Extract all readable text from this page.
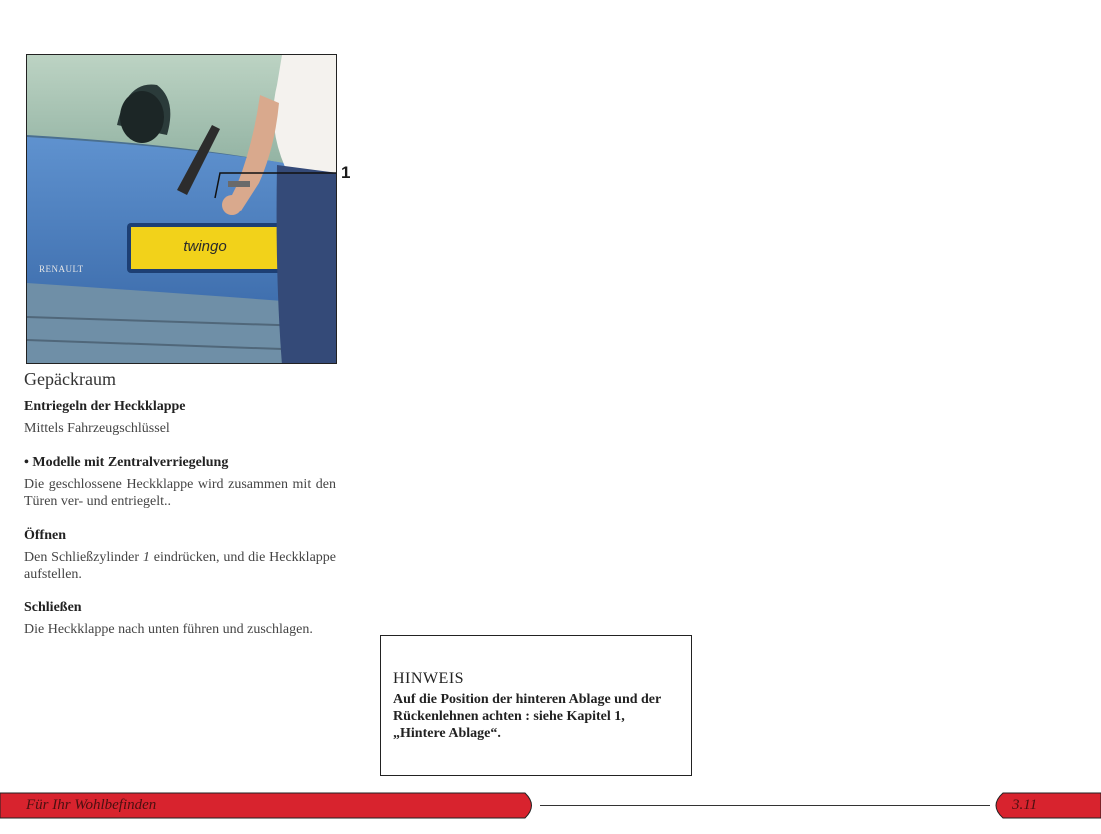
twingo
RENAULT
1
Gepäckraum
Entriegeln der Heckklappe
Mittels Fahrzeugschlüssel
• Modelle mit Zentralverriegelung
Die geschlossene Heckklappe wird zusammen mit den Türen ver- und entriegelt..
Öffnen
Den Schließzylinder 1 eindrücken, und die Heckklappe aufstellen.
Schließen
Die Heckklappe nach unten führen und zuschlagen.
HINWEIS
Auf die Position der hinteren Ablage und der Rückenlehnen achten : siehe Kapitel 1, „Hintere Ablage“.
Für Ihr Wohlbefinden	3.11
